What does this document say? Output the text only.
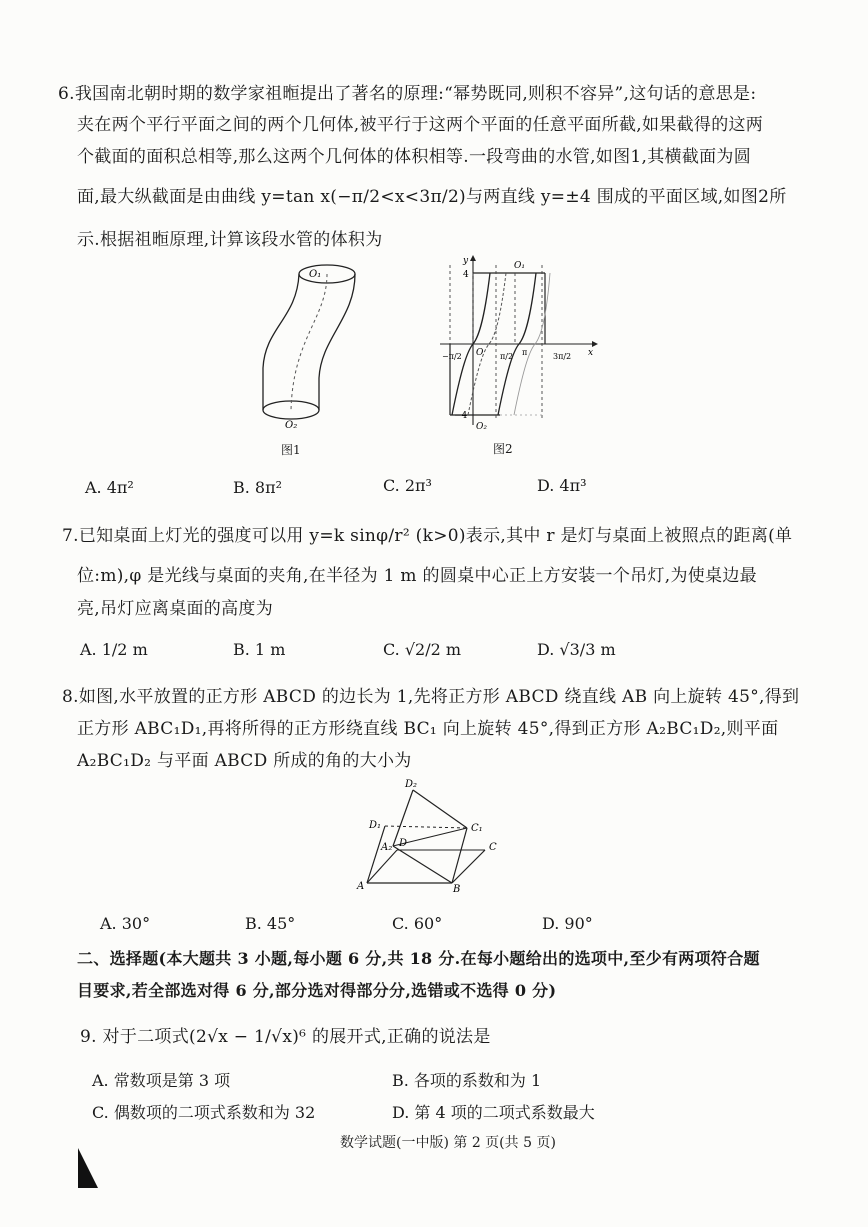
6.我国南北朝时期的数学家祖暅提出了著名的原理:“幂势既同,则积不容异”,这句话的意思是:
夹在两个平行平面之间的两个几何体,被平行于这两个平面的任意平面所截,如果截得的这两
个截面的面积总相等,那么这两个几何体的体积相等.一段弯曲的水管,如图1,其横截面为圆
面,最大纵截面是由曲线 y=tan x(−π/2<x<3π/2)与两直线 y=±4 围成的平面区域,如图2所
示.根据祖暅原理,计算该段水管的体积为
O₁
O₂
图1
y
x
O
4
−4
O₁
O₂
−π/2	π/2 π	3π/2
图2
A. 4π²	B. 8π²	C. 2π³	D. 4π³
7.已知桌面上灯光的强度可以用 y=k sinφ/r² (k>0)表示,其中 r 是灯与桌面上被照点的距离(单
位:m),φ 是光线与桌面的夹角,在半径为 1 m 的圆桌中心正上方安装一个吊灯,为使桌边最
亮,吊灯应离桌面的高度为
A. 1/2 m	B. 1 m	C. √2/2 m	D. √3/3 m
8.如图,水平放置的正方形 ABCD 的边长为 1,先将正方形 ABCD 绕直线 AB 向上旋转 45°,得到
正方形 ABC₁D₁,再将所得的正方形绕直线 BC₁ 向上旋转 45°,得到正方形 A₂BC₁D₂,则平面
A₂BC₁D₂ 与平面 ABCD 所成的角的大小为
D₂
D₁	C₁
A₂ D	C
A	B
A. 30°	B. 45°	C. 60°	D. 90°
二、选择题(本大题共 3 小题,每小题 6 分,共 18 分.在每小题给出的选项中,至少有两项符合题
目要求,若全部选对得 6 分,部分选对得部分分,选错或不选得 0 分)
9. 对于二项式(2√x − 1/√x)⁶ 的展开式,正确的说法是
A. 常数项是第 3 项	B. 各项的系数和为 1
C. 偶数项的二项式系数和为 32	D. 第 4 项的二项式系数最大
数学试题(一中版) 第 2 页(共 5 页)
